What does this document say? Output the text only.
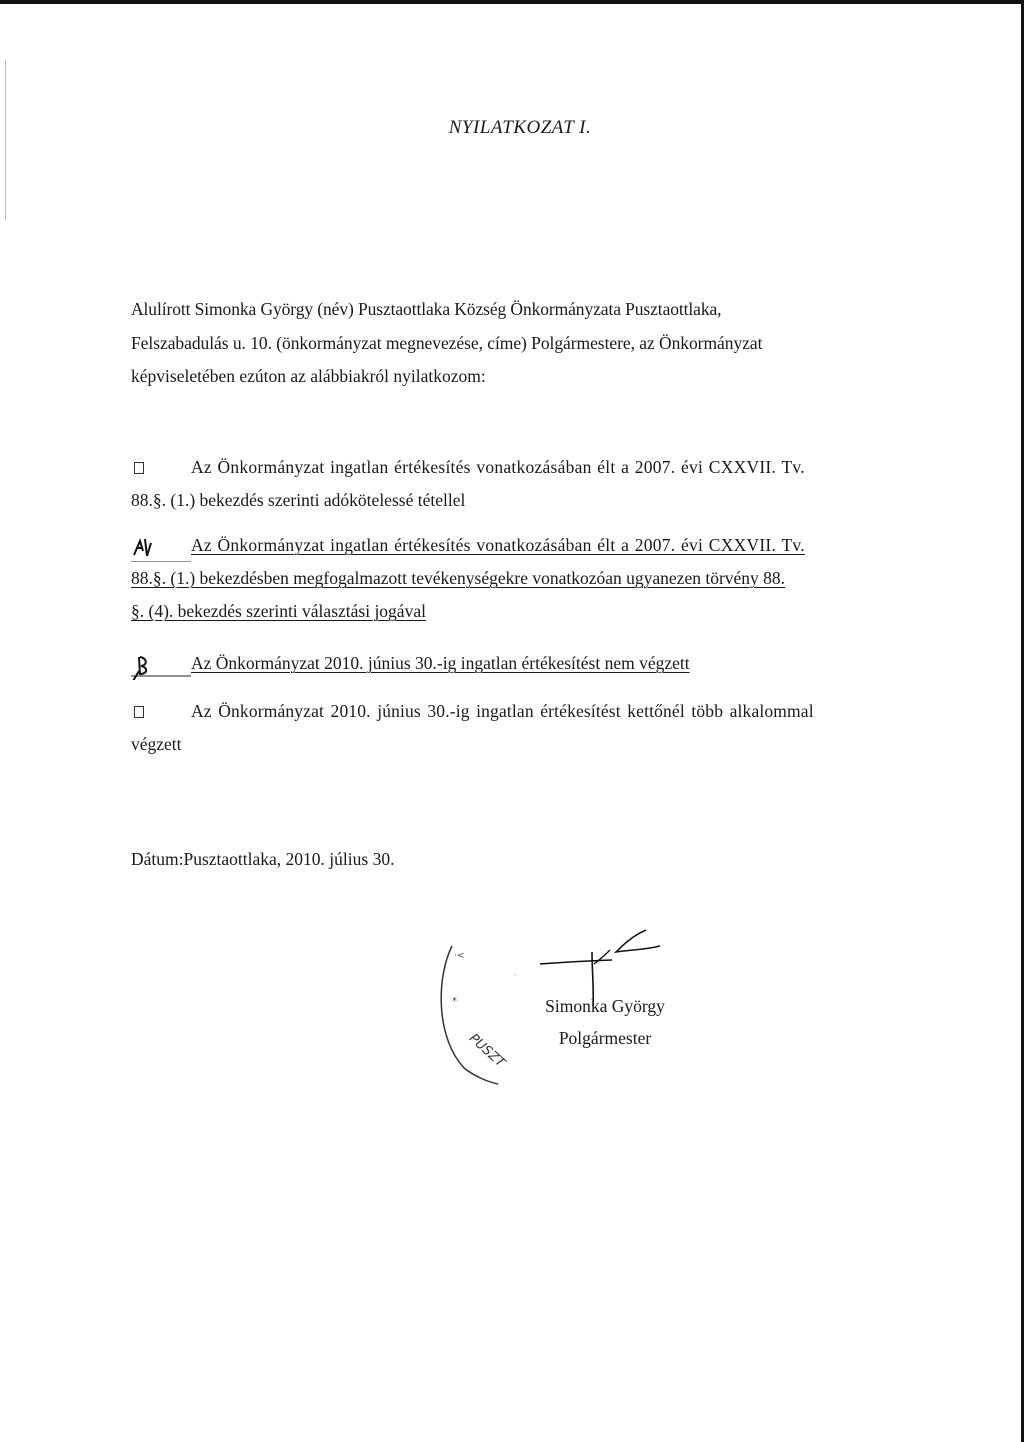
NYILATKOZAT I.
Alulírott Simonka György (név) Pusztaottlaka Község Önkormányzata Pusztaottlaka,
Felszabadulás u. 10. (önkormányzat megnevezése, címe) Polgármestere, az Önkormányzat
képviseletében ezúton az alábbiakról nyilatkozom:
Az Önkormányzat ingatlan értékesítés vonatkozásában élt a 2007. évi CXXVII. Tv.
88.§. (1.) bekezdés szerinti adókötelessé tétellel
Az Önkormányzat ingatlan értékesítés vonatkozásában élt a 2007. évi CXXVII. Tv.
88.§. (1.) bekezdésben megfogalmazott tevékenységekre vonatkozóan ugyanezen törvény 88.
§. (4). bekezdés szerinti választási jogával
Az Önkormányzat 2010. június 30.-ig ingatlan értékesítést nem végzett
Az Önkormányzat 2010. június 30.-ig ingatlan értékesítést kettőnél több alkalommal
végzett
Dátum:Pusztaottlaka, 2010. július 30.
·<
*
PUSZT
·
Simonka György
Polgármester
